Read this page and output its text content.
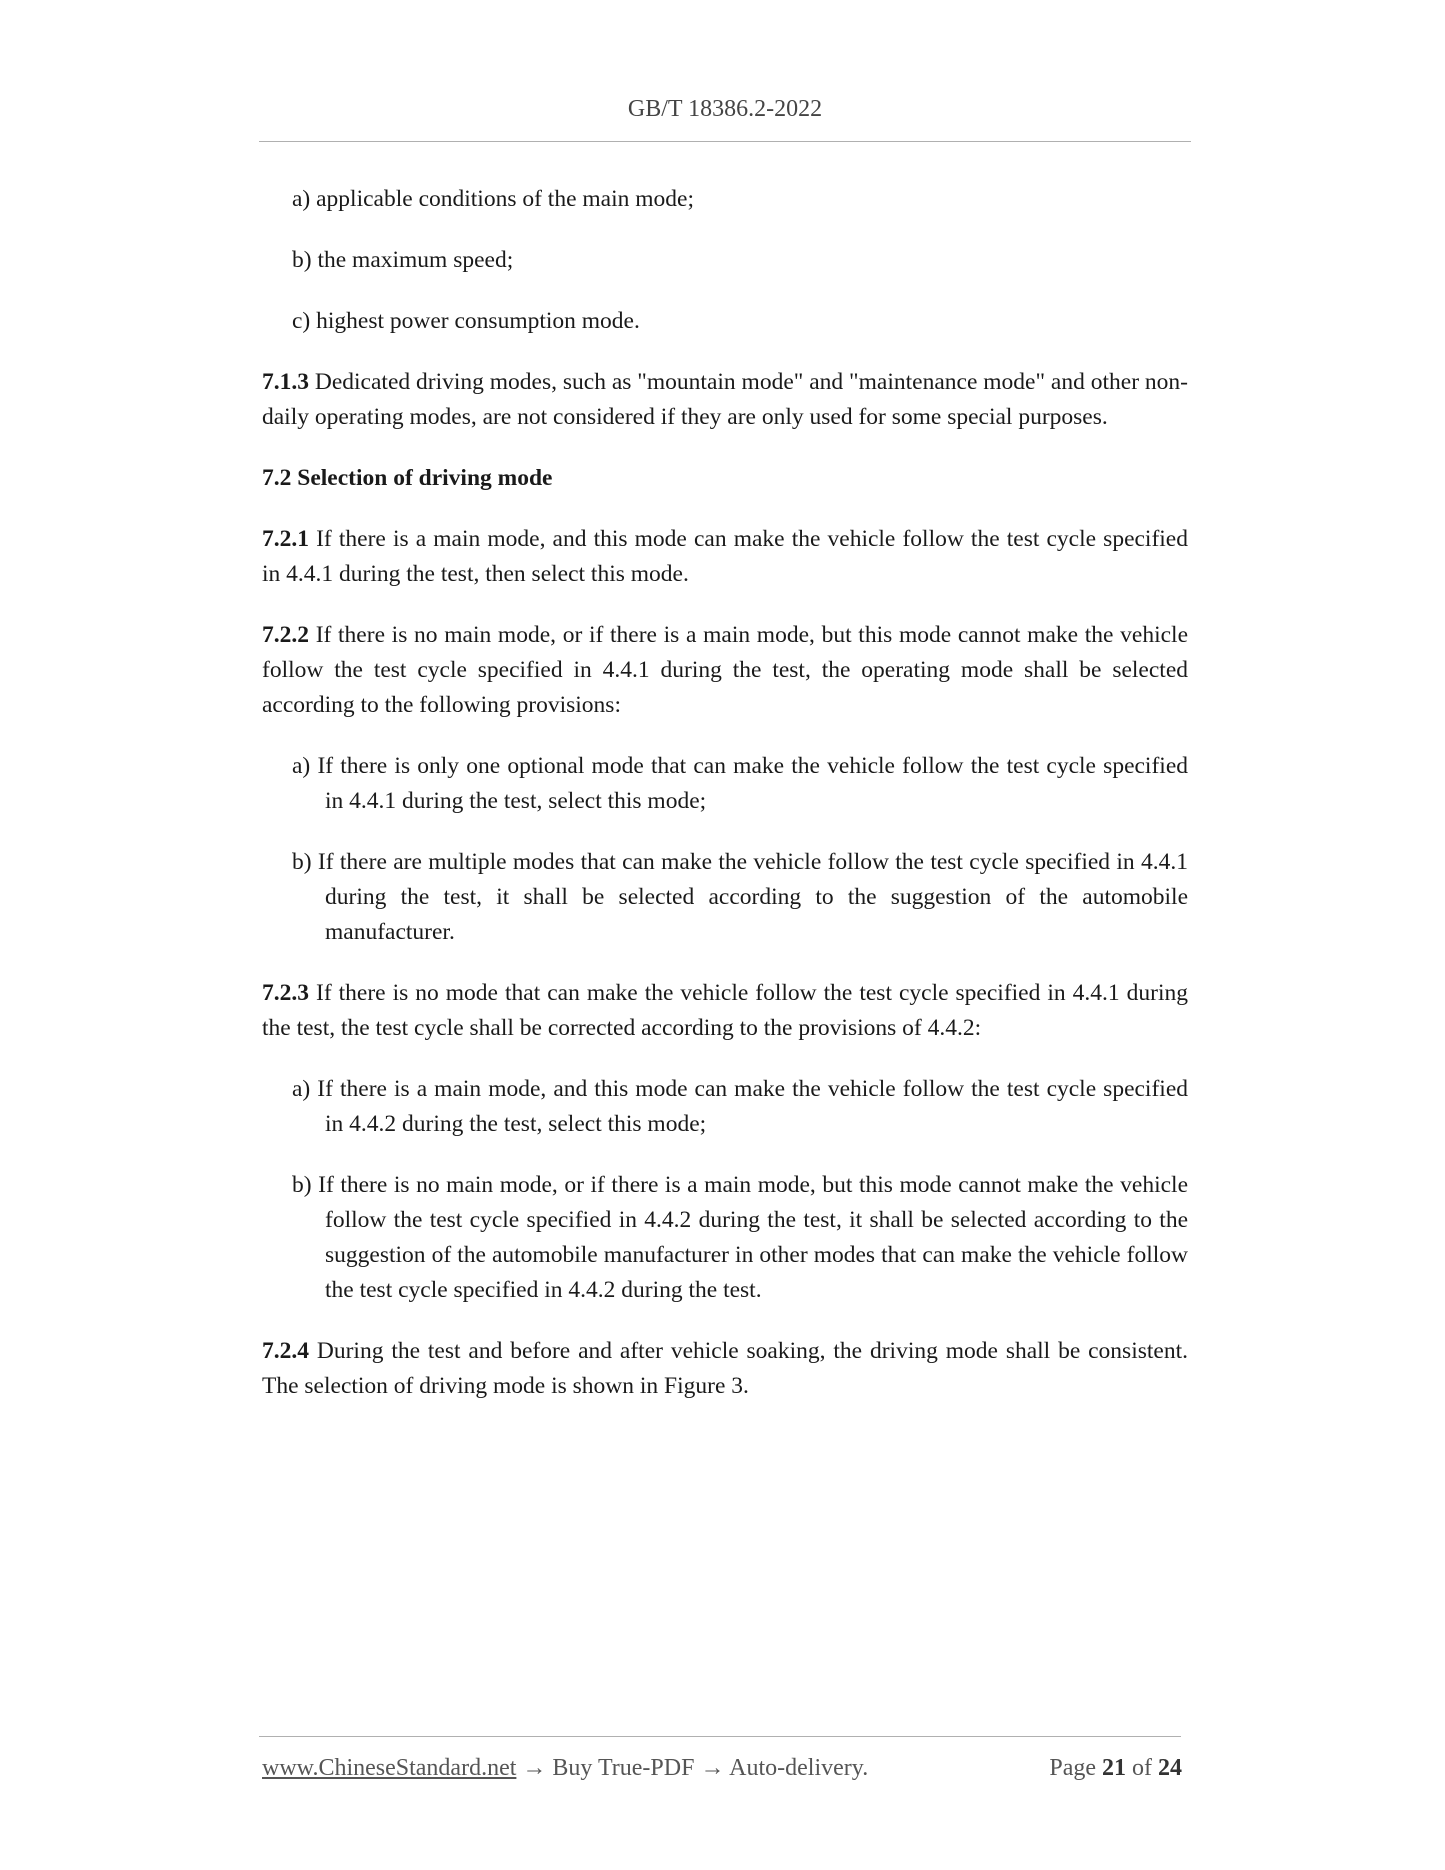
GB/T 18386.2-2022

a) applicable conditions of the main mode;

b) the maximum speed;

c) highest power consumption mode.

7.1.3 Dedicated driving modes, such as "mountain mode" and "maintenance mode" and other non-daily operating modes, are not considered if they are only used for some special purposes.

7.2 Selection of driving mode

7.2.1 If there is a main mode, and this mode can make the vehicle follow the test cycle specified in 4.4.1 during the test, then select this mode.

7.2.2 If there is no main mode, or if there is a main mode, but this mode cannot make the vehicle follow the test cycle specified in 4.4.1 during the test, the operating mode shall be selected according to the following provisions:

a) If there is only one optional mode that can make the vehicle follow the test cycle specified in 4.4.1 during the test, select this mode;

b) If there are multiple modes that can make the vehicle follow the test cycle specified in 4.4.1 during the test, it shall be selected according to the suggestion of the automobile manufacturer.

7.2.3 If there is no mode that can make the vehicle follow the test cycle specified in 4.4.1 during the test, the test cycle shall be corrected according to the provisions of 4.4.2:

a) If there is a main mode, and this mode can make the vehicle follow the test cycle specified in 4.4.2 during the test, select this mode;

b) If there is no main mode, or if there is a main mode, but this mode cannot make the vehicle follow the test cycle specified in 4.4.2 during the test, it shall be selected according to the suggestion of the automobile manufacturer in other modes that can make the vehicle follow the test cycle specified in 4.4.2 during the test.

7.2.4 During the test and before and after vehicle soaking, the driving mode shall be consistent. The selection of driving mode is shown in Figure 3.

www.ChineseStandard.net → Buy True-PDF → Auto-delivery.	Page 21 of 24
